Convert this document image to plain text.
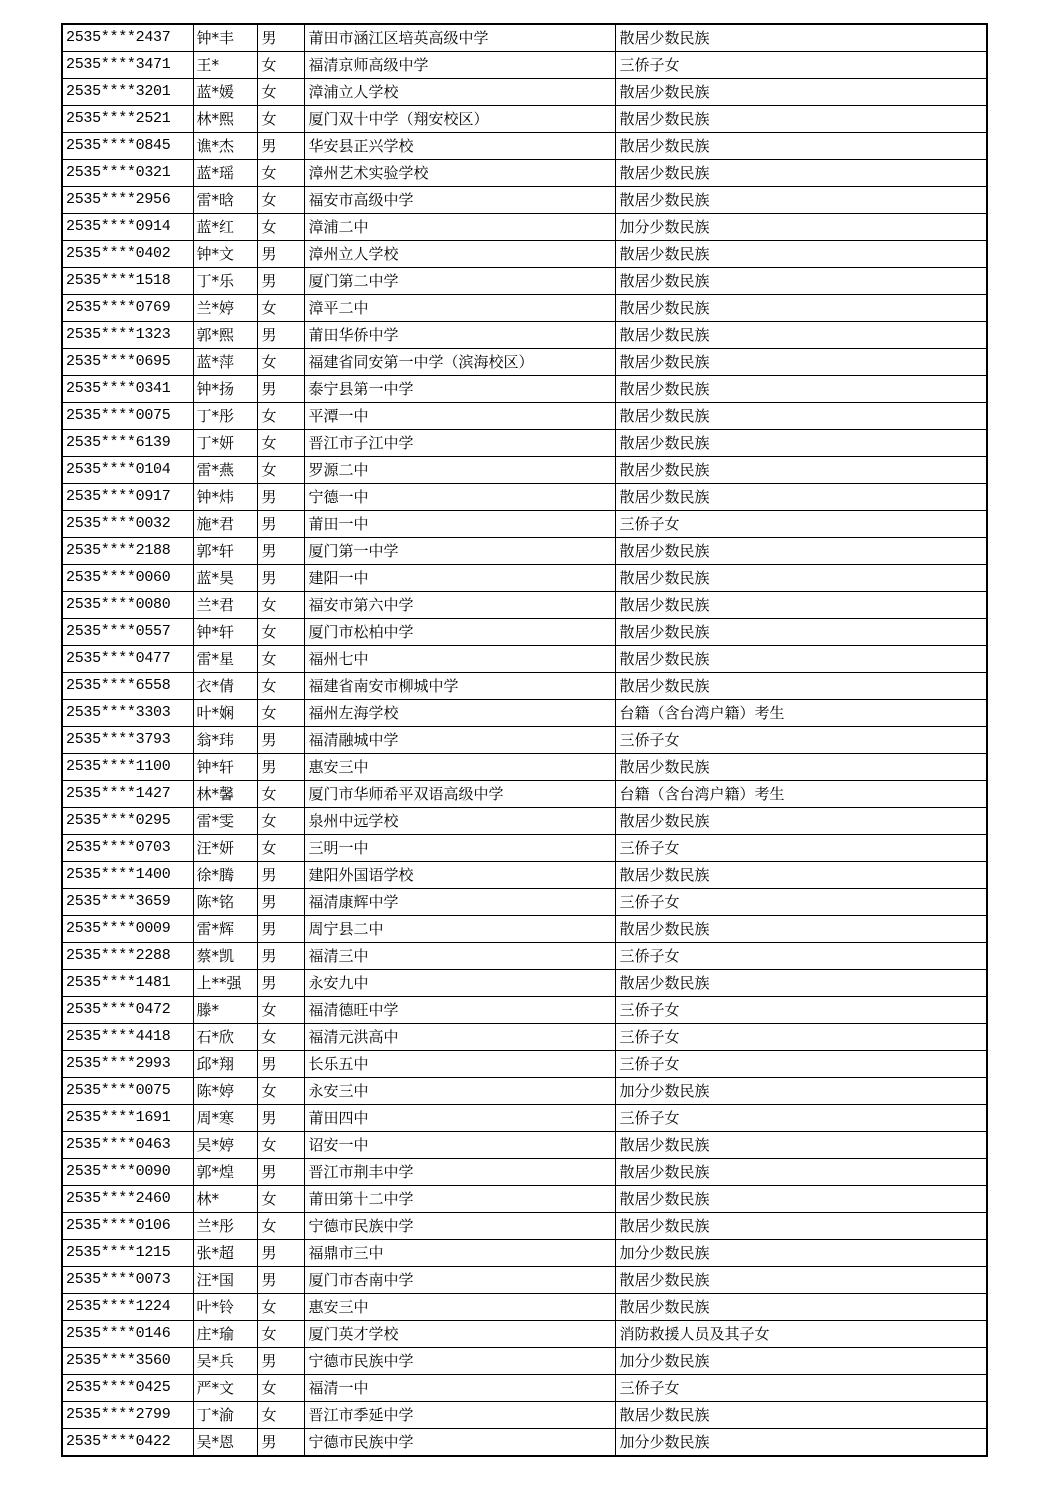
2535****2437	钟*丰	男	莆田市涵江区培英高级中学	散居少数民族
2535****3471	王*	女	福清京师高级中学	三侨子女
2535****3201	蓝*媛	女	漳浦立人学校	散居少数民族
2535****2521	林*熙	女	厦门双十中学（翔安校区）	散居少数民族
2535****0845	谯*杰	男	华安县正兴学校	散居少数民族
2535****0321	蓝*瑶	女	漳州艺术实验学校	散居少数民族
2535****2956	雷*晗	女	福安市高级中学	散居少数民族
2535****0914	蓝*红	女	漳浦二中	加分少数民族
2535****0402	钟*文	男	漳州立人学校	散居少数民族
2535****1518	丁*乐	男	厦门第二中学	散居少数民族
2535****0769	兰*婷	女	漳平二中	散居少数民族
2535****1323	郭*熙	男	莆田华侨中学	散居少数民族
2535****0695	蓝*萍	女	福建省同安第一中学（滨海校区）	散居少数民族
2535****0341	钟*扬	男	泰宁县第一中学	散居少数民族
2535****0075	丁*彤	女	平潭一中	散居少数民族
2535****6139	丁*妍	女	晋江市子江中学	散居少数民族
2535****0104	雷*燕	女	罗源二中	散居少数民族
2535****0917	钟*炜	男	宁德一中	散居少数民族
2535****0032	施*君	男	莆田一中	三侨子女
2535****2188	郭*轩	男	厦门第一中学	散居少数民族
2535****0060	蓝*昊	男	建阳一中	散居少数民族
2535****0080	兰*君	女	福安市第六中学	散居少数民族
2535****0557	钟*轩	女	厦门市松柏中学	散居少数民族
2535****0477	雷*星	女	福州七中	散居少数民族
2535****6558	衣*倩	女	福建省南安市柳城中学	散居少数民族
2535****3303	叶*娴	女	福州左海学校	台籍（含台湾户籍）考生
2535****3793	翁*玮	男	福清融城中学	三侨子女
2535****1100	钟*轩	男	惠安三中	散居少数民族
2535****1427	林*馨	女	厦门市华师希平双语高级中学	台籍（含台湾户籍）考生
2535****0295	雷*雯	女	泉州中远学校	散居少数民族
2535****0703	汪*妍	女	三明一中	三侨子女
2535****1400	徐*腾	男	建阳外国语学校	散居少数民族
2535****3659	陈*铭	男	福清康辉中学	三侨子女
2535****0009	雷*辉	男	周宁县二中	散居少数民族
2535****2288	蔡*凯	男	福清三中	三侨子女
2535****1481	上**强	男	永安九中	散居少数民族
2535****0472	滕*	女	福清德旺中学	三侨子女
2535****4418	石*欣	女	福清元洪高中	三侨子女
2535****2993	邱*翔	男	长乐五中	三侨子女
2535****0075	陈*婷	女	永安三中	加分少数民族
2535****1691	周*寒	男	莆田四中	三侨子女
2535****0463	吴*婷	女	诏安一中	散居少数民族
2535****0090	郭*煌	男	晋江市荆丰中学	散居少数民族
2535****2460	林*	女	莆田第十二中学	散居少数民族
2535****0106	兰*彤	女	宁德市民族中学	散居少数民族
2535****1215	张*超	男	福鼎市三中	加分少数民族
2535****0073	汪*国	男	厦门市杏南中学	散居少数民族
2535****1224	叶*铃	女	惠安三中	散居少数民族
2535****0146	庄*瑜	女	厦门英才学校	消防救援人员及其子女
2535****3560	吴*兵	男	宁德市民族中学	加分少数民族
2535****0425	严*文	女	福清一中	三侨子女
2535****2799	丁*渝	女	晋江市季延中学	散居少数民族
2535****0422	吴*恩	男	宁德市民族中学	加分少数民族
